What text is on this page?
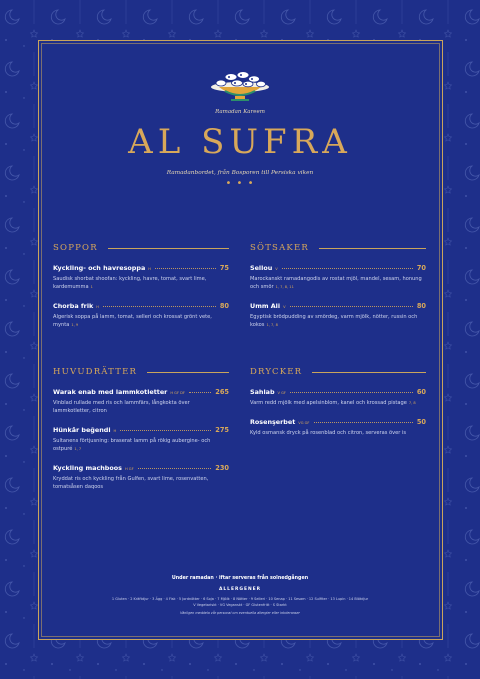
Ramadan Kareem
AL SUFRA
Ramadanbordet, från Bosporen till Persiska viken
• • •
SOPPOR
Kyckling- och havresoppa H	75
Saudisk shorbat shoofan: kyckling, havre, tomat, svart lime, kardemumma 1
Chorba frik H	80
Algerisk soppa på lamm, tomat, selleri och krossat grönt vete, mynta 1, 9
SÖTSAKER
Sellou V	70
Marockanskt ramadangodis av rostat mjöl, mandel, sesam, honung och smör 1, 7, 8, 11
Umm Ali V	80
Egyptisk brödpudding av smördeg, varm mjölk, nötter, russin och kokos 1, 7, 8
HUVUDRÄTTER
Warak enab med lammkotletter H GF DF	265
Vinblad rullade med ris och lammfärs, långkokta över lammkotletter, citron
Hünkâr beğendi H	275
Sultanens förtjusning: braserat lamm på rökig aubergine- och ostpuré 1, 7
Kyckling machboos H GF	230
Kryddat ris och kyckling från Gulfen, svart lime, rosenvatten, tomatsåsen daqoos
DRYCKER
Sahlab V GF	60
Varm redd mjölk med apelsinblom, kanel och krossad pistage 7, 8
Rosenşerbet VG GF	50
Kyld osmansk dryck på rosenblad och citron, serveras över is
Under ramadan · iftar serveras från solnedgången
ALLERGENER
1 Gluten · 2 Kräftdjur · 3 Ägg · 4 Fisk · 5 Jordnötter · 6 Soja · 7 Mjölk · 8 Nötter · 9 Selleri · 10 Senap · 11 Sesam · 12 Sulfiter · 13 Lupin · 14 Blötdjur
V Vegetariskt · VG Veganskt · GF Glutenfritt · S Starkt
Vänligen meddela vår personal om eventuella allergier eller intoleranser
